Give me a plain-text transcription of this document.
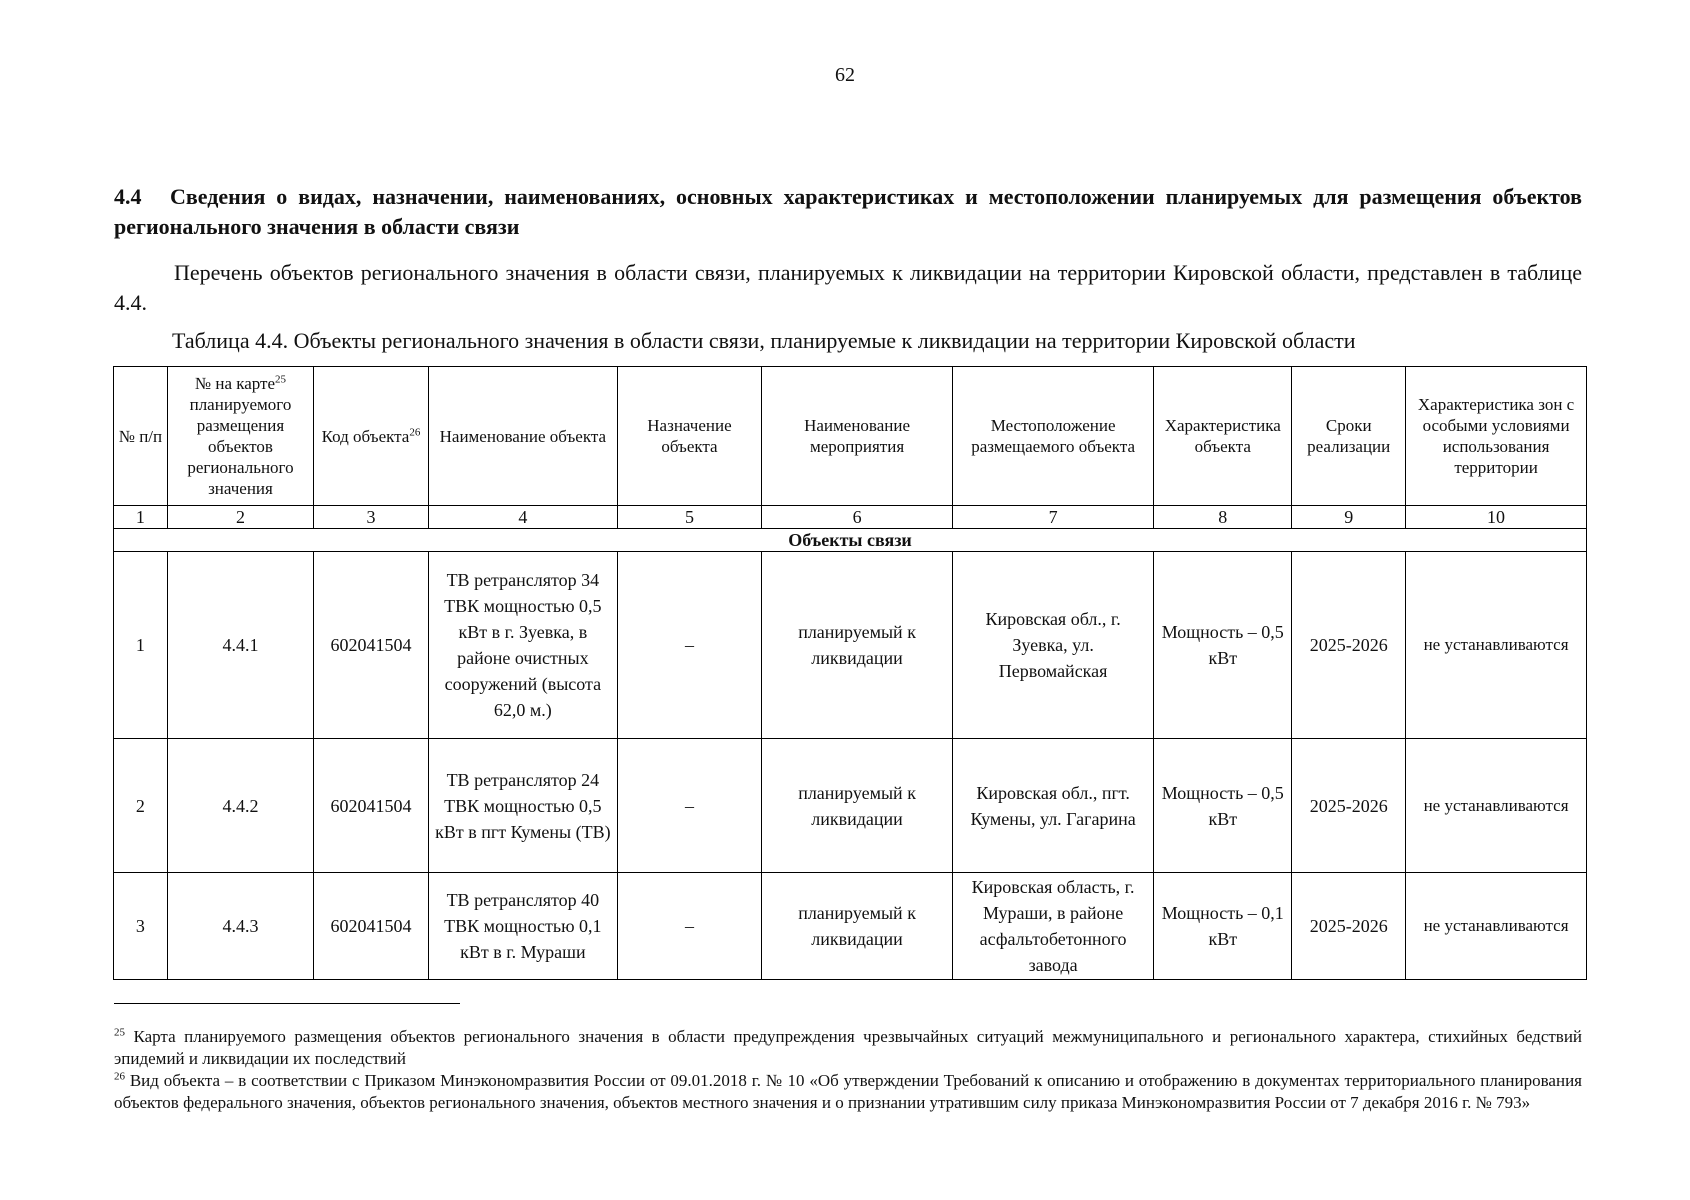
62
4.4 Сведения о видах, назначении, наименованиях, основных характеристиках и местоположении планируемых для размещения объектов регионального значения в области связи
Перечень объектов регионального значения в области связи, планируемых к ликвидации на территории Кировской области, представлен в таблице 4.4.
Таблица 4.4. Объекты регионального значения в области связи, планируемые к ликвидации на территории Кировской области
№ п/п	№ на карте$^{25}$ планируемого размещения объектов регионального значения	Код объекта$^{26}$	Наименование объекта	Назначение объекта	Наименование мероприятия	Местоположение размещаемого объекта	Характеристика объекта	Сроки реализации	Характеристика зон с особыми условиями использования территории
1	2	3	4	5	6	7	8	9	10
Объекты связи									
1	4.4.1	602041504	ТВ ретранслятор 34 ТВК мощностью 0,5 кВт в г. Зуевка, в районе очистных сооружений (высота 62,0 м.)	–	планируемый к ликвидации	Кировская обл., г. Зуевка, ул. Первомайская	Мощность – 0,5 кВт	2025-2026	не устанавливаются
2	4.4.2	602041504	ТВ ретранслятор 24 ТВК мощностью 0,5 кВт в пгт Кумены (ТВ)	–	планируемый к ликвидации	Кировская обл., пгт. Кумены, ул. Гагарина	Мощность – 0,5 кВт	2025-2026	не устанавливаются
3	4.4.3	602041504	ТВ ретранслятор 40 ТВК мощностью 0,1 кВт в г. Мураши	–	планируемый к ликвидации	Кировская область, г. Мураши, в районе асфальтобетонного завода	Мощность – 0,1 кВт	2025-2026	не устанавливаются

$^{25}$ Карта планируемого размещения объектов регионального значения в области предупреждения чрезвычайных ситуаций межмуниципального и регионального характера, стихийных бедствий эпидемий и ликвидации их последствий

$^{26}$ Вид объекта – в соответствии с Приказом Минэкономразвития России от 09.01.2018 г. № 10 «Об утверждении Требований к описанию и отображению в документах территориального планирования объектов федерального значения, объектов регионального значения, объектов местного значения и о признании утратившим силу приказа Минэкономразвития России от 7 декабря 2016 г. № 793»
